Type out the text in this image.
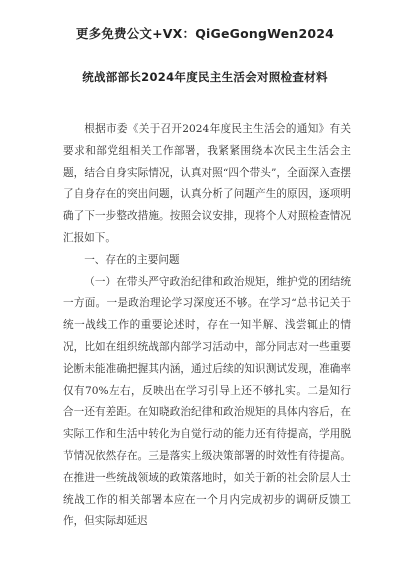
更多免费公文+VX：QiGeGongWen2024
统战部部长2024年度民主生活会对照检查材料

根据市委《关于召开2024年度民主生活会的通知》有关要求和部党组相关工作部署，我紧紧围绕本次民主生活会主题，结合自身实际情况，认真对照“四个带头”，全面深入查摆了自身存在的突出问题，认真分析了问题产生的原因，逐项明确了下一步整改措施。按照会议安排，现将个人对照检查情况汇报如下。

一、存在的主要问题

（一）在带头严守政治纪律和政治规矩，维护党的团结统一方面。一是政治理论学习深度还不够。在学习“总书记关于统一战线工作的重要论述时，存在一知半解、浅尝辄止的情况，比如在组织统战部内部学习活动中，部分同志对一些重要论断未能准确把握其内涵，通过后续的知识测试发现，准确率仅有70%左右，反映出在学习引导上还不够扎实。二是知行合一还有差距。在知晓政治纪律和政治规矩的具体内容后，在实际工作和生活中转化为自觉行动的能力还有待提高，学用脱节情况依然存在。三是落实上级决策部署的时效性有待提高。在推进一些统战领域的政策落地时，如关于新的社会阶层人士统战工作的相关部署本应在一个月内完成初步的调研反馈工作，但实际却延迟
